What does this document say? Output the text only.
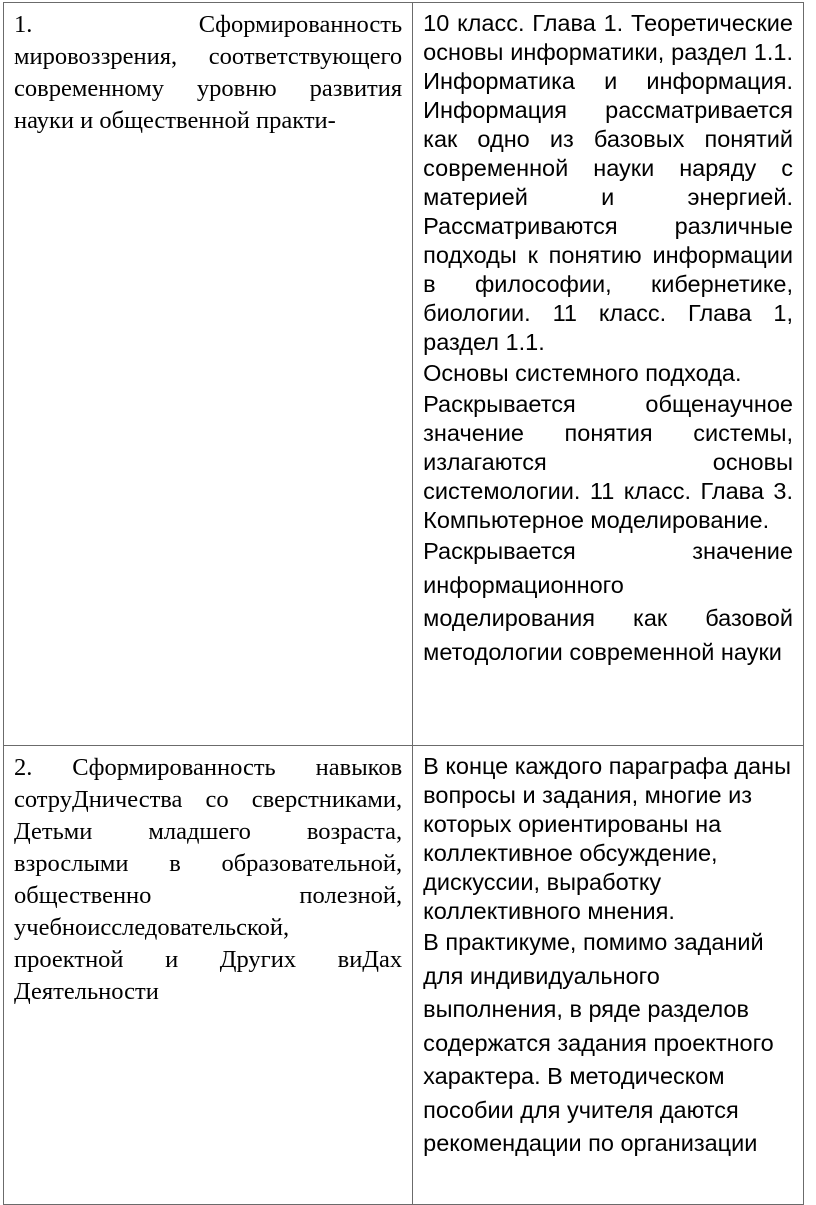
1. Сформированность мировоззрения, соответствующего современному уровню развития науки и общественной практи-	10 класс. Глава 1. Теоретические основы информатики, раздел 1.1. Информатика и информация. Информация рассматривается как одно из базовых понятий современной науки наряду с материей и энергией. Рассматриваются различные подходы к понятию информации в философии, кибернетике, биологии. 11 класс. Глава 1, раздел 1.1.

Основы системного подхода.

Раскрывается общенаучное значение понятия системы, излагаются основы системологии. 11 класс. Глава 3. Компьютерное моделирование.

Раскрывается значение информационного моделирования как базовой методологии современной науки

2. Сформированность навыков сотруДничества со сверстниками, Детьми младшего возраста, взрослыми в образовательной, общественно полезной, учебноисследовательской, проектной и Других виДах Деятельности	В конце каждого параграфа даны вопросы и задания, многие из которых ориентированы на коллективное обсуждение, дискуссии, выработку коллективного мнения.

В практикуме, помимо заданий для индивидуального выполнения, в ряде разделов содержатся задания проектного характера. В методическом пособии для учителя даются рекомендации по организации
